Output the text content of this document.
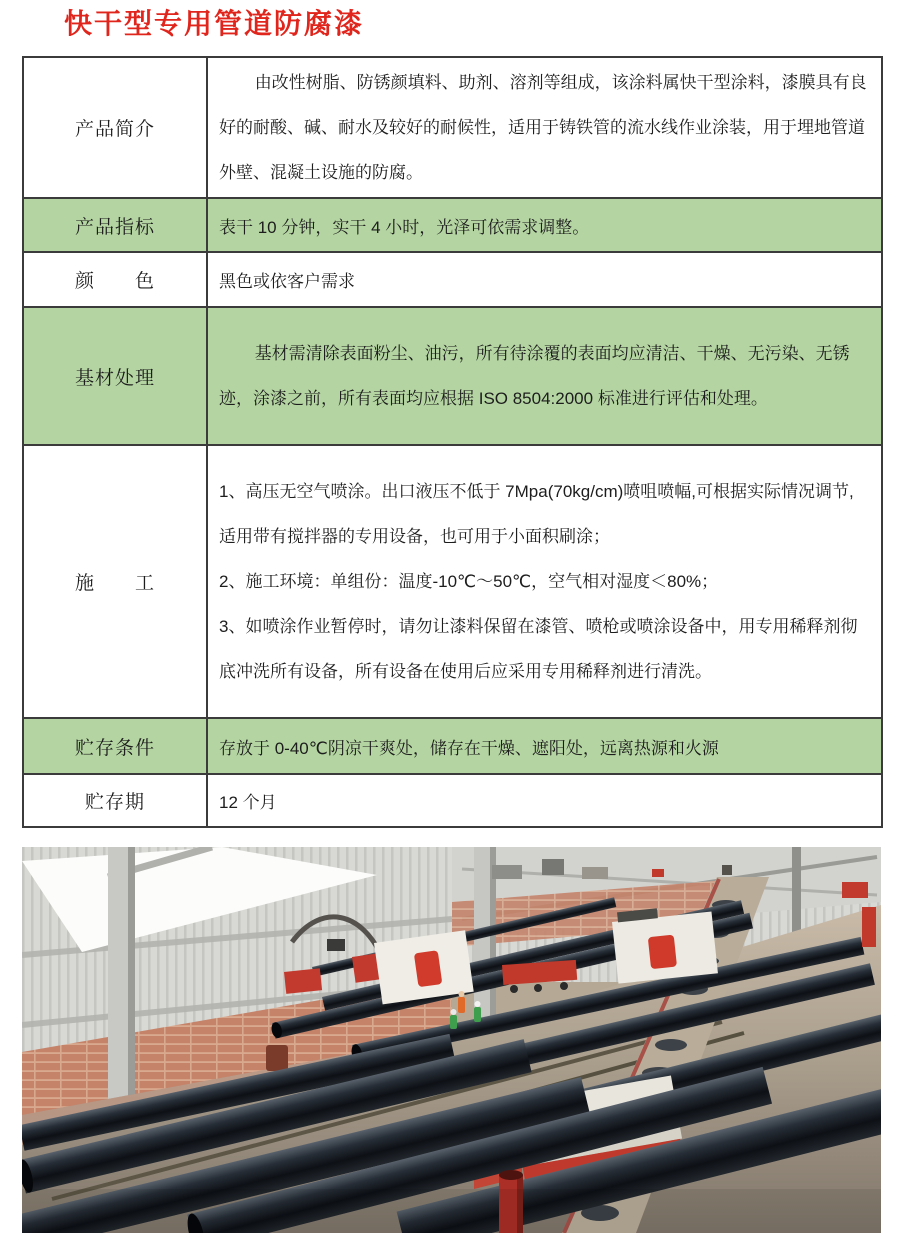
快干型专用管道防腐漆
产品简介	由改性树脂、防锈颜填料、助剂、溶剂等组成，该涂料属快干型涂料，漆膜具有良好的耐酸、碱、耐水及较好的耐候性，适用于铸铁管的流水线作业涂装，用于埋地管道外壁、混凝土设施的防腐。

产品指标	表干 10 分钟，实干 4 小时，光泽可依需求调整。

颜　　色	黑色或依客户需求

基材处理	基材需清除表面粉尘、油污，所有待涂覆的表面均应清洁、干燥、无污染、无锈迹，涂漆之前，所有表面均应根据 ISO 8504:2000 标准进行评估和处理。

施　　工	1、高压无空气喷涂。出口液压不低于 7Mpa(70kg/cm)喷咀喷幅,可根据实际情况调节,适用带有搅拌器的专用设备，也可用于小面积刷涂；

2、施工环境：单组份：温度-10℃～50℃，空气相对湿度＜80%；

3、如喷涂作业暂停时，请勿让漆料保留在漆管、喷枪或喷涂设备中，用专用稀释剂彻底冲洗所有设备，所有设备在使用后应采用专用稀释剂进行清洗。

贮存条件	存放于 0-40℃阴凉干爽处，储存在干燥、遮阳处，远离热源和火源

贮存期	12 个月
